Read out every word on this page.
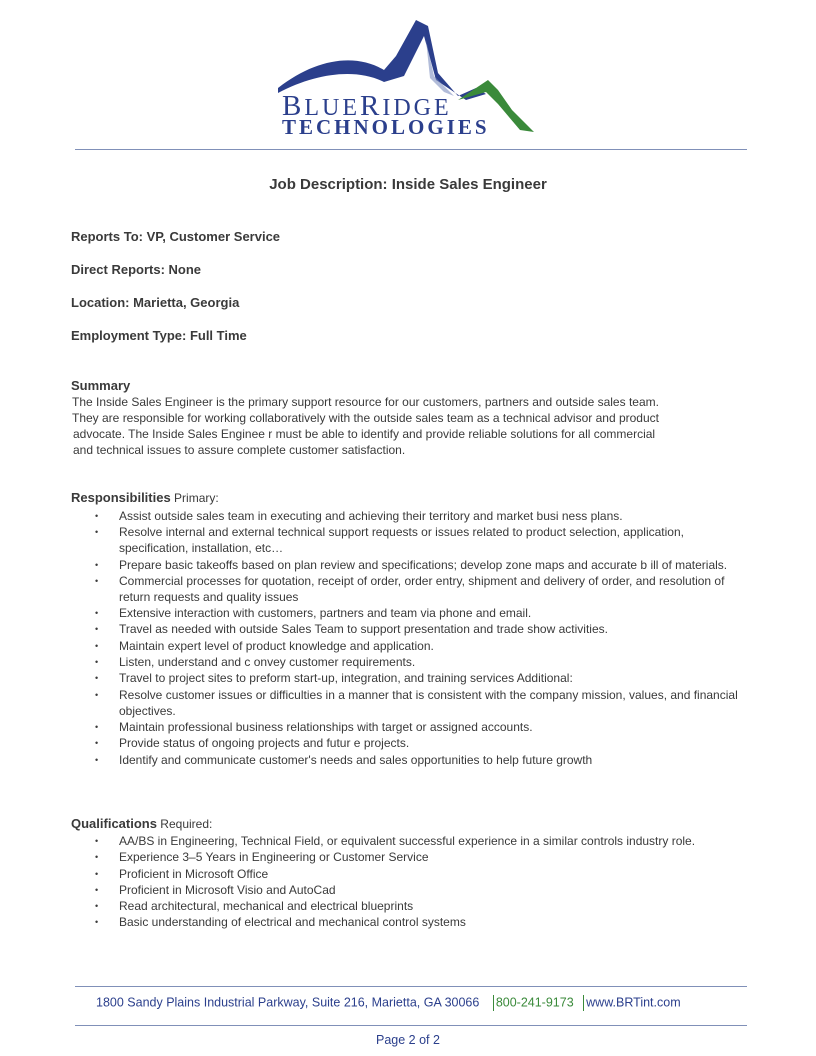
BLUERIDGE
TECHNOLOGIES
Job Description: Inside Sales Engineer
Reports To: VP, Customer Service
Direct Reports: None
Location: Marietta, Georgia
Employment Type: Full Time
Summary
The Inside Sales Engineer is the primary support resource for our customers, partners and outside sales team.
They are responsible for working collaboratively with the outside sales team as a technical advisor and product
advocate. The Inside Sales Enginee r must be able to identify and provide reliable solutions for all commercial
and technical issues to assure complete customer satisfaction.
Responsibilities Primary:
• Assist outside sales team in executing and achieving their territory and market busi ness plans.
• Resolve internal and external technical support requests or issues related to product selection, application, specification, installation, etc…
• Prepare basic takeoffs based on plan review and specifications; develop zone maps and accurate b ill of materials.
• Commercial processes for quotation, receipt of order, order entry, shipment and delivery of order, and resolution of return requests and quality issues
• Extensive interaction with customers, partners and team via phone and email.
• Travel as needed with outside Sales Team to support presentation and trade show activities.
• Maintain expert level of product knowledge and application.
• Listen, understand and c onvey customer requirements.
• Travel to project sites to preform start-up, integration, and training services Additional:
• Resolve customer issues or difficulties in a manner that is consistent with the company mission, values, and financial objectives.
• Maintain professional business relationships with target or assigned accounts.
• Provide status of ongoing projects and futur e projects.
• Identify and communicate customer's needs and sales opportunities to help future growth
Qualifications Required:
• AA/BS in Engineering, Technical Field, or equivalent successful experience in a similar controls industry role.
• Experience 3–5 Years in Engineering or Customer Service
• Proficient in Microsoft Office
• Proficient in Microsoft Visio and AutoCad
• Read architectural, mechanical and electrical blueprints
• Basic understanding of electrical and mechanical control systems
1800 Sandy Plains Industrial Parkway, Suite 216, Marietta, GA 30066 800-241-9173 www.BRTint.com
Page 2 of 2
